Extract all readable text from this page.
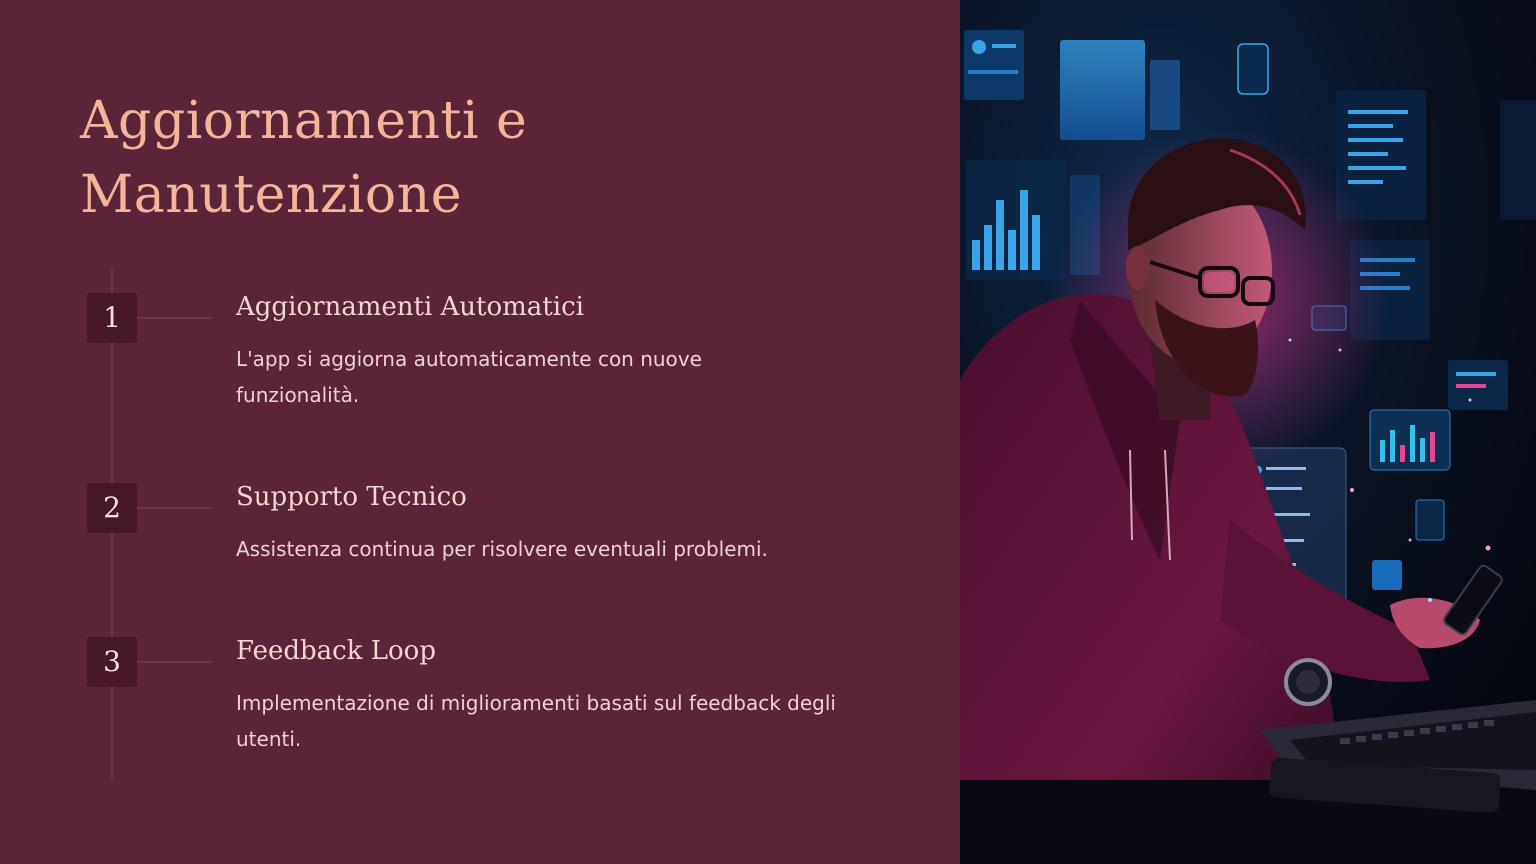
Aggiornamenti e Manutenzione
1	Aggiornamenti Automatici

L'app si aggiorna automaticamente con nuove funzionalità.

2	Supporto Tecnico

Assistenza continua per risolvere eventuali problemi.

3	Feedback Loop

Implementazione di miglioramenti basati sul feedback degli utenti.
